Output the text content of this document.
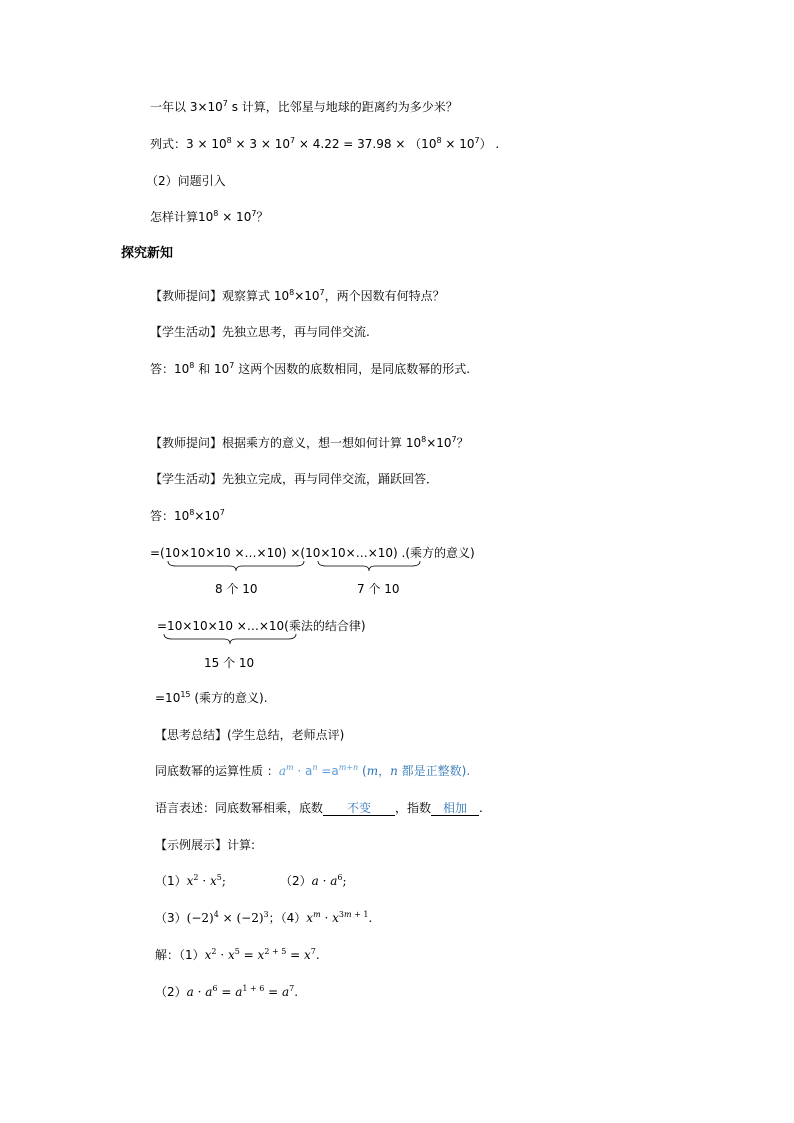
一年以 $3\times 10^7$ s 计算，比邻星与地球的距离约为多少米？
列式：$3 \times 10^8 \times 3 \times 10^7 \times 4.22 = 37.98 \times (10^8 \times 10^7)$ .
（2）问题引入
怎样计算$10^8 \times 10^7$？
探究新知
【教师提问】观察算式 $10^8\times 10^7$，两个因数有何特点？
【学生活动】先独立思考，再与同伴交流.
答：$10^8$ 和 $10^7$ 这两个因数的底数相同，是同底数幂的形式.
【教师提问】根据乘方的意义，想一想如何计算 $10^8\times 10^7$？
【学生活动】先独立完成，再与同伴交流，踊跃回答．
答：$10^8\times 10^7$
=(10×10×10 ×…×10) ×(10×10×…×10) .(乘方的意义)
8 个 10	7 个 10
=10×10×10 ×…×10(乘法的结合律)
15 个 10
$=10^{15}$ (乘方的意义).
【思考总结】(学生总结，老师点评)
同底数幂的运算性质 ：$a^m \cdot a^n =a^{m+n}$ (m，n 都是正整数).
语言表述：同底数幂相乘，底数 不变 ，指数 相加 .
【示例展示】计算:
$(1)x^2 \cdot x^5$;	$(2)a \cdot a^6$;
$(3)(-2)^4 \times (-2)^3$；$(4)x^m \cdot x^{3m + 1}$.
解：$(1)x^2 \cdot x^5 = x^{2 + 5} = x^7$.
$(2)a \cdot a^6 = a^{1 + 6} = a^7$.
